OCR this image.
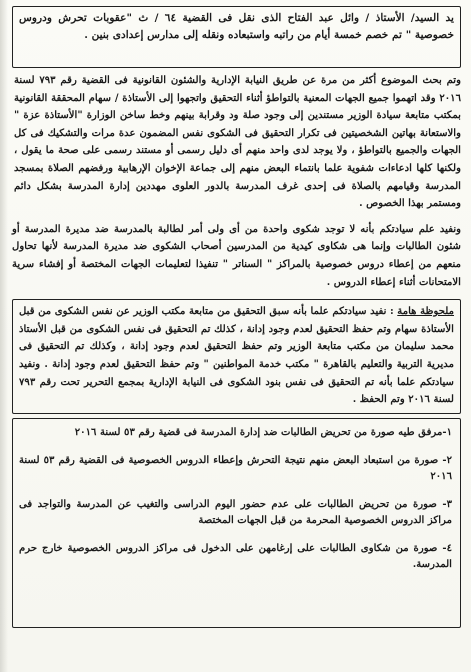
يد السيد/ الأستاذ / وائل عبد الفتاح الذى نقل فى القضية ٦٤ / ث "عقوبات تحرش ودروس خصوصية " تم خصم خمسة أيام من راتبه واستبعاده ونقله إلى مدارس إعدادى بنين .

وتم بحث الموضوع أكثر من مرة عن طريق النيابة الإدارية والشئون القانونية فى القضية رقم ٧٩٣ لسنة ٢٠١٦ وقد اتهموا جميع الجهات المعنية بالتواطؤ أثناء التحقيق واتجهوا إلى الأستاذة / سهام المحققة القانونية بمكتب متابعة سيادة الوزير مستندين إلى وجود صلة ود وقرابة بينهم وخط ساخن الوزارة "الأستاذة عزة " والاستعانة بهاتين الشخصيتين فى تكرار التحقيق فى الشكوى نفس المضمون عدة مرات والتشكيك فى كل الجهات والجميع بالتواطؤ ، ولا يوجد لدى واحد منهم أى دليل رسمى أو مستند رسمى على صحة ما يقول ، ولكنها كلها ادعاءات شفوية علما بانتماء البعض منهم إلى جماعة الإخوان الإرهابية ورفضهم الصلاة بمسجد المدرسة وقيامهم بالصلاة فى إحدى غرف المدرسة بالدور العلوى مهددين إدارة المدرسة بشكل دائم ومستمر بهذا الخصوص .

ونفيد علم سيادتكم بأنه لا توجد شكوى واحدة من أى ولى أمر لطالبة بالمدرسة ضد مديرة المدرسة أو شئون الطالبات وإنما هى شكاوى كيدية من المدرسين أصحاب الشكوى ضد مديرة المدرسة لأنها تحاول منعهم من إعطاء دروس خصوصية بالمراكز " السناتر " تنفيذا لتعليمات الجهات المختصة أو إفشاء سرية الامتحانات أثناء إعطاء الدروس .

ملحوظة هامة : نفيد سيادتكم علما بأنه سبق التحقيق من متابعة مكتب الوزير عن نفس الشكوى من قبل الأستاذة سهام وتم حفظ التحقيق لعدم وجود إدانة ، كذلك تم التحقيق فى نفس الشكوى من قبل الأستاذ محمد سليمان من مكتب متابعة الوزير وتم حفظ التحقيق لعدم وجود إدانة ، وكذلك تم التحقيق فى مديرية التربية والتعليم بالقاهرة " مكتب خدمة المواطنين " وتم حفظ التحقيق لعدم وجود إدانة . ونفيد سيادتكم علما بأنه تم التحقيق فى نفس بنود الشكوى فى النيابة الإدارية بمجمع التحرير تحت رقم ٧٩٣ لسنة ٢٠١٦ وتم الحفظ .

١-مرفق طيه صورة من تحريض الطالبات ضد إدارة المدرسة فى قضية رقم ٥٣ لسنة ٢٠١٦

٢- صورة من استبعاد البعض منهم نتيجة التحرش وإعطاء الدروس الخصوصية فى القضية رقم ٥٣ لسنة ٢٠١٦

٣- صورة من تحريض الطالبات على عدم حضور اليوم الدراسى والتغيب عن المدرسة والتواجد فى مراكز الدروس الخصوصية المحرمة من قبل الجهات المختصة

٤- صورة من شكاوى الطالبات على إرغامهن على الدخول فى مراكز الدروس الخصوصية خارج حرم المدرسة.
